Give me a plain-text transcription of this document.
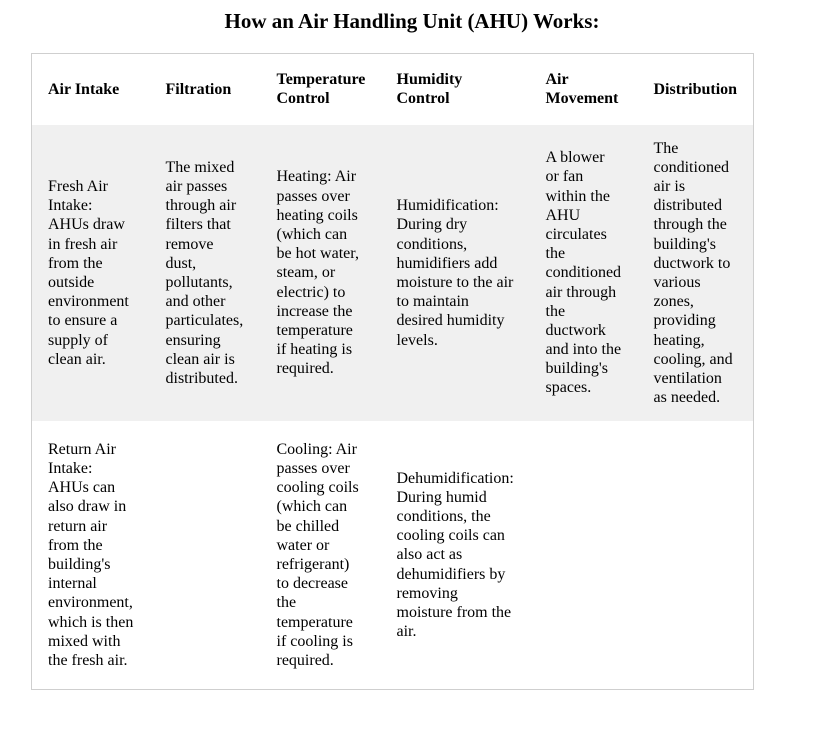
How an Air Handling Unit (AHU) Works:
Air Intake	Filtration	Temperature Control	Humidity Control	Air Movement	Distribution
Fresh Air Intake: AHUs draw in fresh air from the outside environment to ensure a supply of clean air.	The mixed air passes through air filters that remove dust, pollutants, and other particulates, ensuring clean air is distributed.	Heating: Air passes over heating coils (which can be hot water, steam, or electric) to increase the temperature if heating is required.	Humidification: During dry conditions, humidifiers add moisture to the air to maintain desired humidity levels.	A blower or fan within the AHU circulates the conditioned air through the ductwork and into the building's spaces.	The conditioned air is distributed through the building's ductwork to various zones, providing heating, cooling, and ventilation as needed.
Return Air Intake: AHUs can also draw in return air from the building's internal environment, which is then mixed with the fresh air.		Cooling: Air passes over cooling coils (which can be chilled water or refrigerant) to decrease the temperature if cooling is required.	Dehumidification: During humid conditions, the cooling coils can also act as dehumidifiers by removing moisture from the air.		
